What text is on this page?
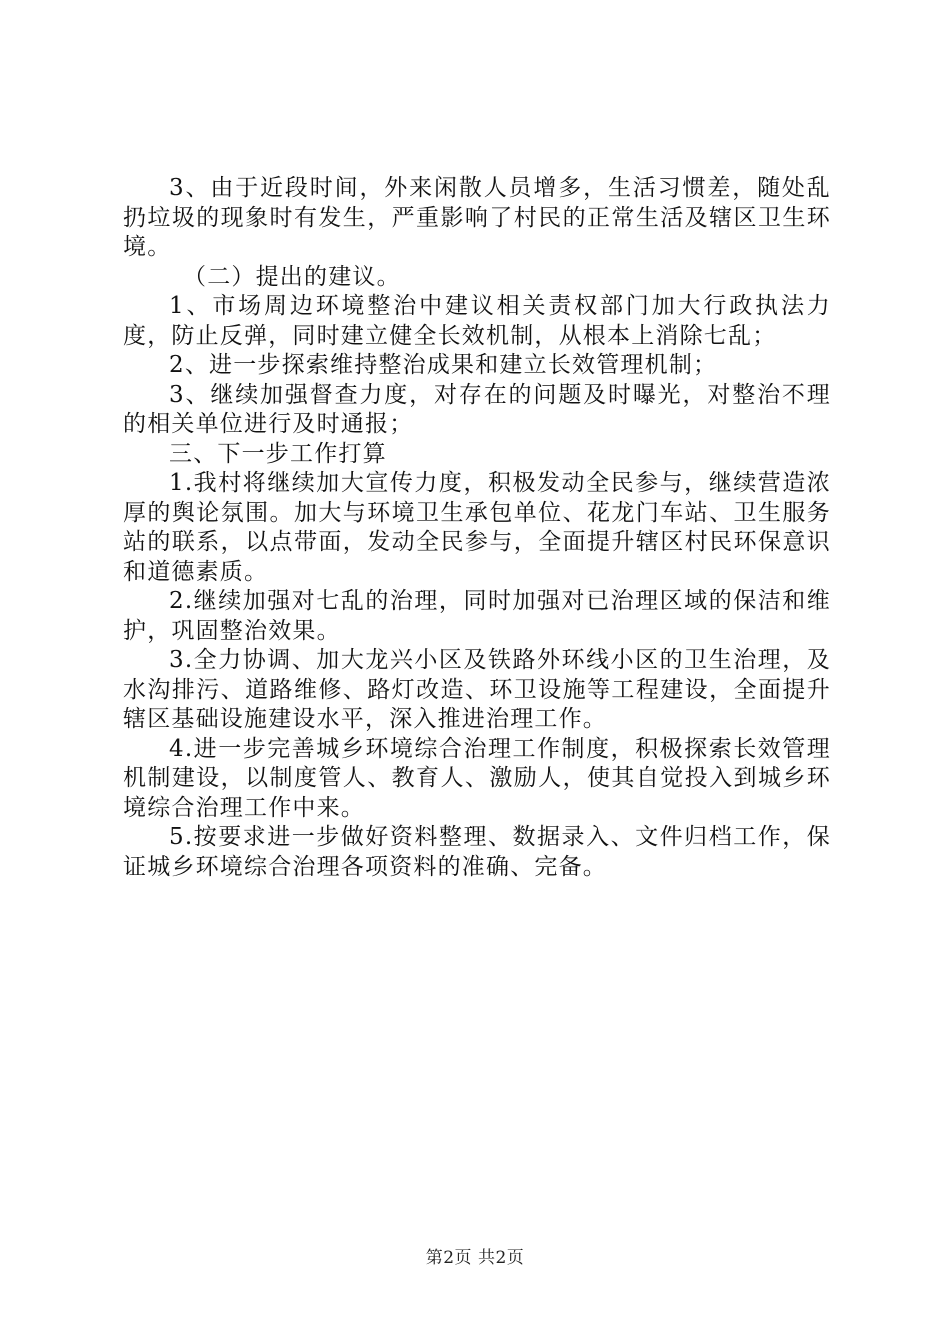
3、由于近段时间，外来闲散人员增多，生活习惯差，随处乱扔垃圾的现象时有发生，严重影响了村民的正常生活及辖区卫生环境。

（二）提出的建议。

1、市场周边环境整治中建议相关责权部门加大行政执法力度，防止反弹，同时建立健全长效机制，从根本上消除七乱；

2、进一步探索维持整治成果和建立长效管理机制；

3、继续加强督查力度，对存在的问题及时曝光，对整治不理的相关单位进行及时通报；

三、下一步工作打算

1.我村将继续加大宣传力度，积极发动全民参与，继续营造浓厚的舆论氛围。加大与环境卫生承包单位、花龙门车站、卫生服务站的联系，以点带面，发动全民参与，全面提升辖区村民环保意识和道德素质。

2.继续加强对七乱的治理，同时加强对已治理区域的保洁和维护，巩固整治效果。

3.全力协调、加大龙兴小区及铁路外环线小区的卫生治理，及水沟排污、道路维修、路灯改造、环卫设施等工程建设，全面提升辖区基础设施建设水平，深入推进治理工作。

4.进一步完善城乡环境综合治理工作制度，积极探索长效管理机制建设，以制度管人、教育人、激励人，使其自觉投入到城乡环境综合治理工作中来。

5.按要求进一步做好资料整理、数据录入、文件归档工作，保证城乡环境综合治理各项资料的准确、完备。

第2页 共2页
